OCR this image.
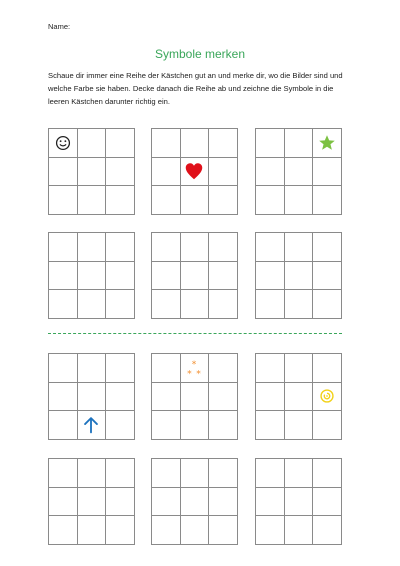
Name:
Symbole merken
Schaue dir immer eine Reihe der Kästchen gut an und merke dir, wo die Bilder sind und welche Farbe sie haben. Decke danach die Reihe ab und zeichne die Symbole in die leeren Kästchen darunter richtig ein.
*
* *
